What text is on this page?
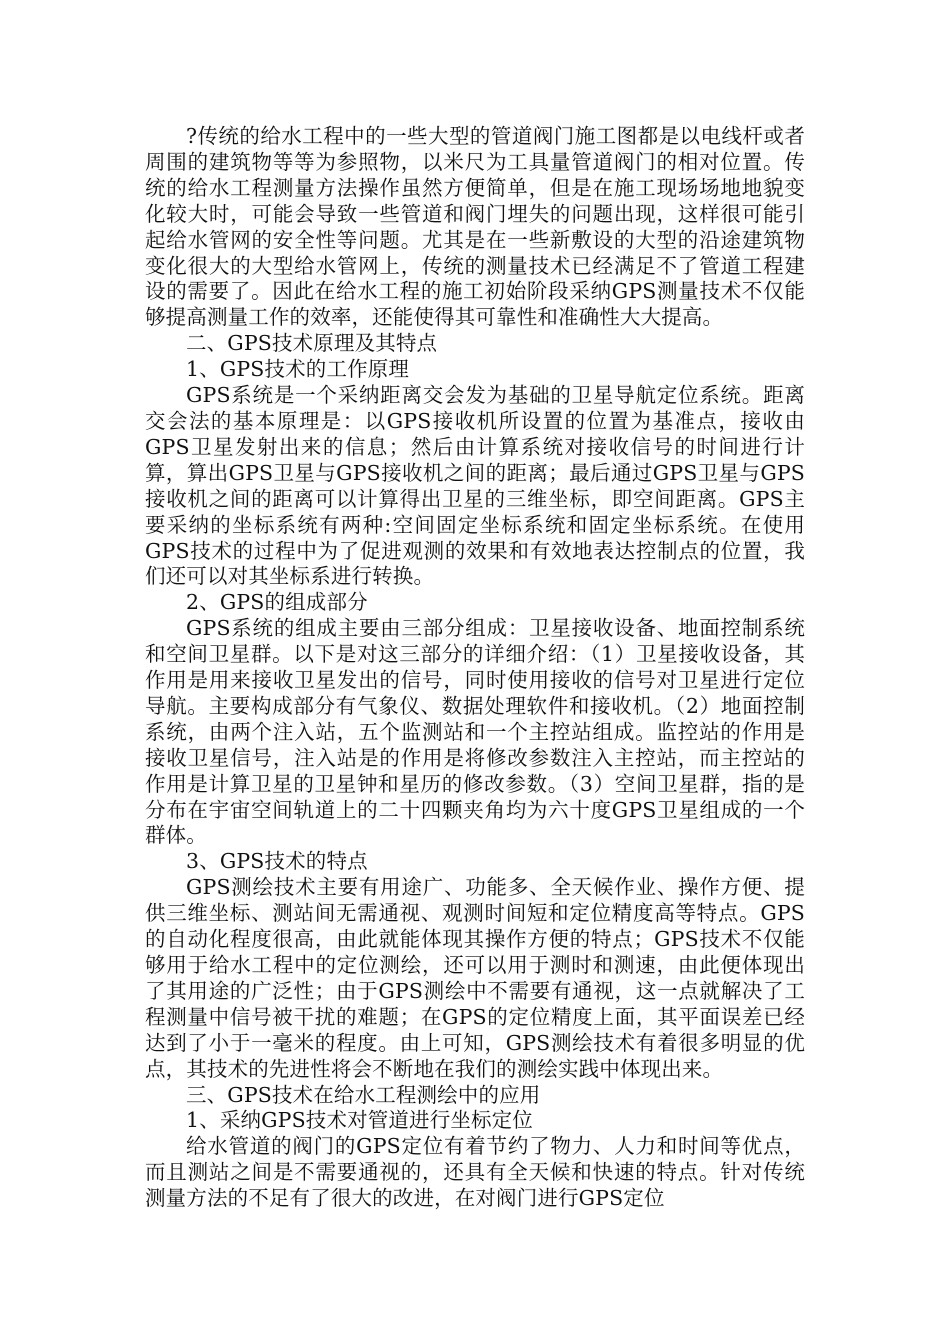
?传统的给水工程中的一些大型的管道阀门施工图都是以电线杆或者周围的建筑物等等为参照物，以米尺为工具量管道阀门的相对位置。传统的给水工程测量方法操作虽然方便简单，但是在施工现场场地地貌变化较大时，可能会导致一些管道和阀门埋失的问题出现，这样很可能引起给水管网的安全性等问题。尤其是在一些新敷设的大型的沿途建筑物变化很大的大型给水管网上，传统的测量技术已经满足不了管道工程建设的需要了。因此在给水工程的施工初始阶段采纳GPS测量技术不仅能够提高测量工作的效率，还能使得其可靠性和准确性大大提高。

二、GPS技术原理及其特点

1、GPS技术的工作原理

GPS系统是一个采纳距离交会发为基础的卫星导航定位系统。距离交会法的基本原理是：以GPS接收机所设置的位置为基准点，接收由GPS卫星发射出来的信息；然后由计算系统对接收信号的时间进行计算，算出GPS卫星与GPS接收机之间的距离；最后通过GPS卫星与GPS接收机之间的距离可以计算得出卫星的三维坐标，即空间距离。GPS主要采纳的坐标系统有两种:空间固定坐标系统和固定坐标系统。在使用GPS技术的过程中为了促进观测的效果和有效地表达控制点的位置，我们还可以对其坐标系进行转换。

2、GPS的组成部分

GPS系统的组成主要由三部分组成：卫星接收设备、地面控制系统和空间卫星群。以下是对这三部分的详细介绍：（1）卫星接收设备，其作用是用来接收卫星发出的信号，同时使用接收的信号对卫星进行定位导航。主要构成部分有气象仪、数据处理软件和接收机。（2）地面控制系统，由两个注入站，五个监测站和一个主控站组成。监控站的作用是接收卫星信号，注入站是的作用是将修改参数注入主控站，而主控站的作用是计算卫星的卫星钟和星历的修改参数。（3）空间卫星群，指的是分布在宇宙空间轨道上的二十四颗夹角均为六十度GPS卫星组成的一个群体。

3、GPS技术的特点

GPS测绘技术主要有用途广、功能多、全天候作业、操作方便、提供三维坐标、测站间无需通视、观测时间短和定位精度高等特点。GPS的自动化程度很高，由此就能体现其操作方便的特点；GPS技术不仅能够用于给水工程中的定位测绘，还可以用于测时和测速，由此便体现出了其用途的广泛性；由于GPS测绘中不需要有通视，这一点就解决了工程测量中信号被干扰的难题；在GPS的定位精度上面，其平面误差已经达到了小于一毫米的程度。由上可知，GPS测绘技术有着很多明显的优点，其技术的先进性将会不断地在我们的测绘实践中体现出来。

三、GPS技术在给水工程测绘中的应用

1、采纳GPS技术对管道进行坐标定位

给水管道的阀门的GPS定位有着节约了物力、人力和时间等优点，而且测站之间是不需要通视的，还具有全天候和快速的特点。针对传统测量方法的不足有了很大的改进，在对阀门进行GPS定位
